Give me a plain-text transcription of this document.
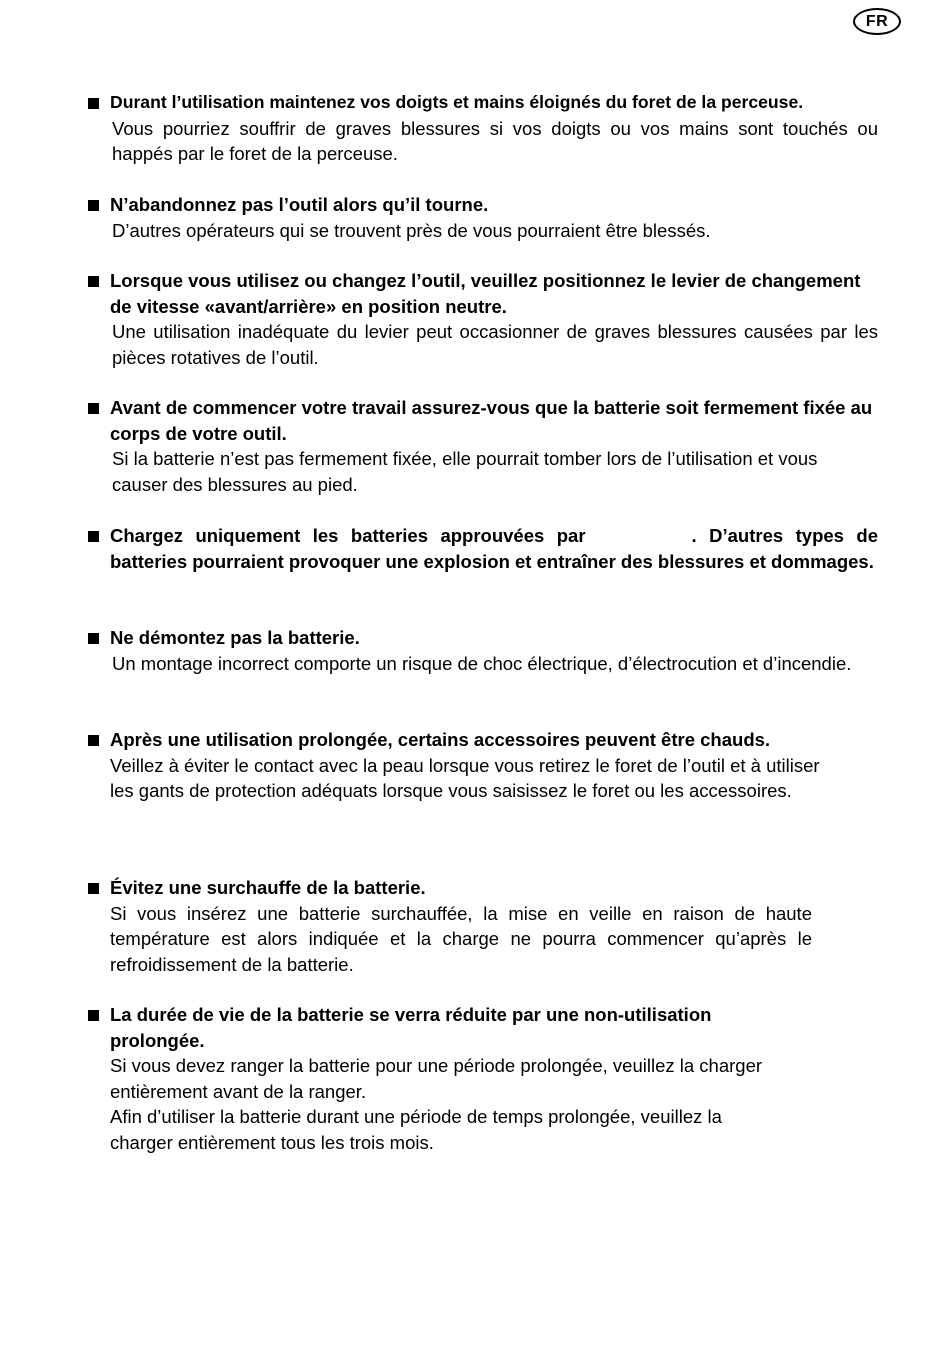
FR
Durant l’utilisation maintenez vos doigts et mains éloignés du foret de la perceuse.
Vous pourriez souffrir de graves blessures si vos doigts ou vos mains sont touchés ou happés par le foret de la perceuse.
N’abandonnez pas l’outil alors qu’il tourne.
D’autres opérateurs qui se trouvent près de vous pourraient être blessés.
Lorsque vous utilisez ou changez l’outil, veuillez positionnez le levier de changement de vitesse «avant/arrière» en position neutre.
Une utilisation inadéquate du levier peut occasionner de graves blessures causées par les pièces rotatives de l’outil.
Avant de commencer votre travail assurez-vous que la batterie soit fermement fixée au corps de votre outil.
Si la batterie n’est pas fermement fixée, elle pourrait tomber lors de l’utilisation et vous causer des blessures au pied.
Chargez uniquement les batteries approuvées par	. D’autres types de batteries pourraient provoquer une explosion et entraîner des blessures et dommages.
Ne démontez pas la batterie.
Un montage incorrect comporte un risque de choc électrique, d’électrocution et d’incendie.
Après une utilisation prolongée, certains accessoires peuvent être chauds.
Veillez à éviter le contact avec la peau lorsque vous retirez le foret de l’outil et à utiliser les gants de protection adéquats lorsque vous saisissez le foret ou les accessoires.
Évitez une surchauffe de la batterie.
Si vous insérez une batterie surchauffée, la mise en veille en raison de haute température est alors indiquée et la charge ne pourra commencer qu’après le refroidissement de la batterie.
La durée de vie de la batterie se verra réduite par une non-utilisation prolongée.
Si vous devez ranger la batterie pour une période prolongée, veuillez la charger entièrement avant de la ranger.
Afin d’utiliser la batterie durant une période de temps prolongée, veuillez la charger entièrement tous les trois mois.
